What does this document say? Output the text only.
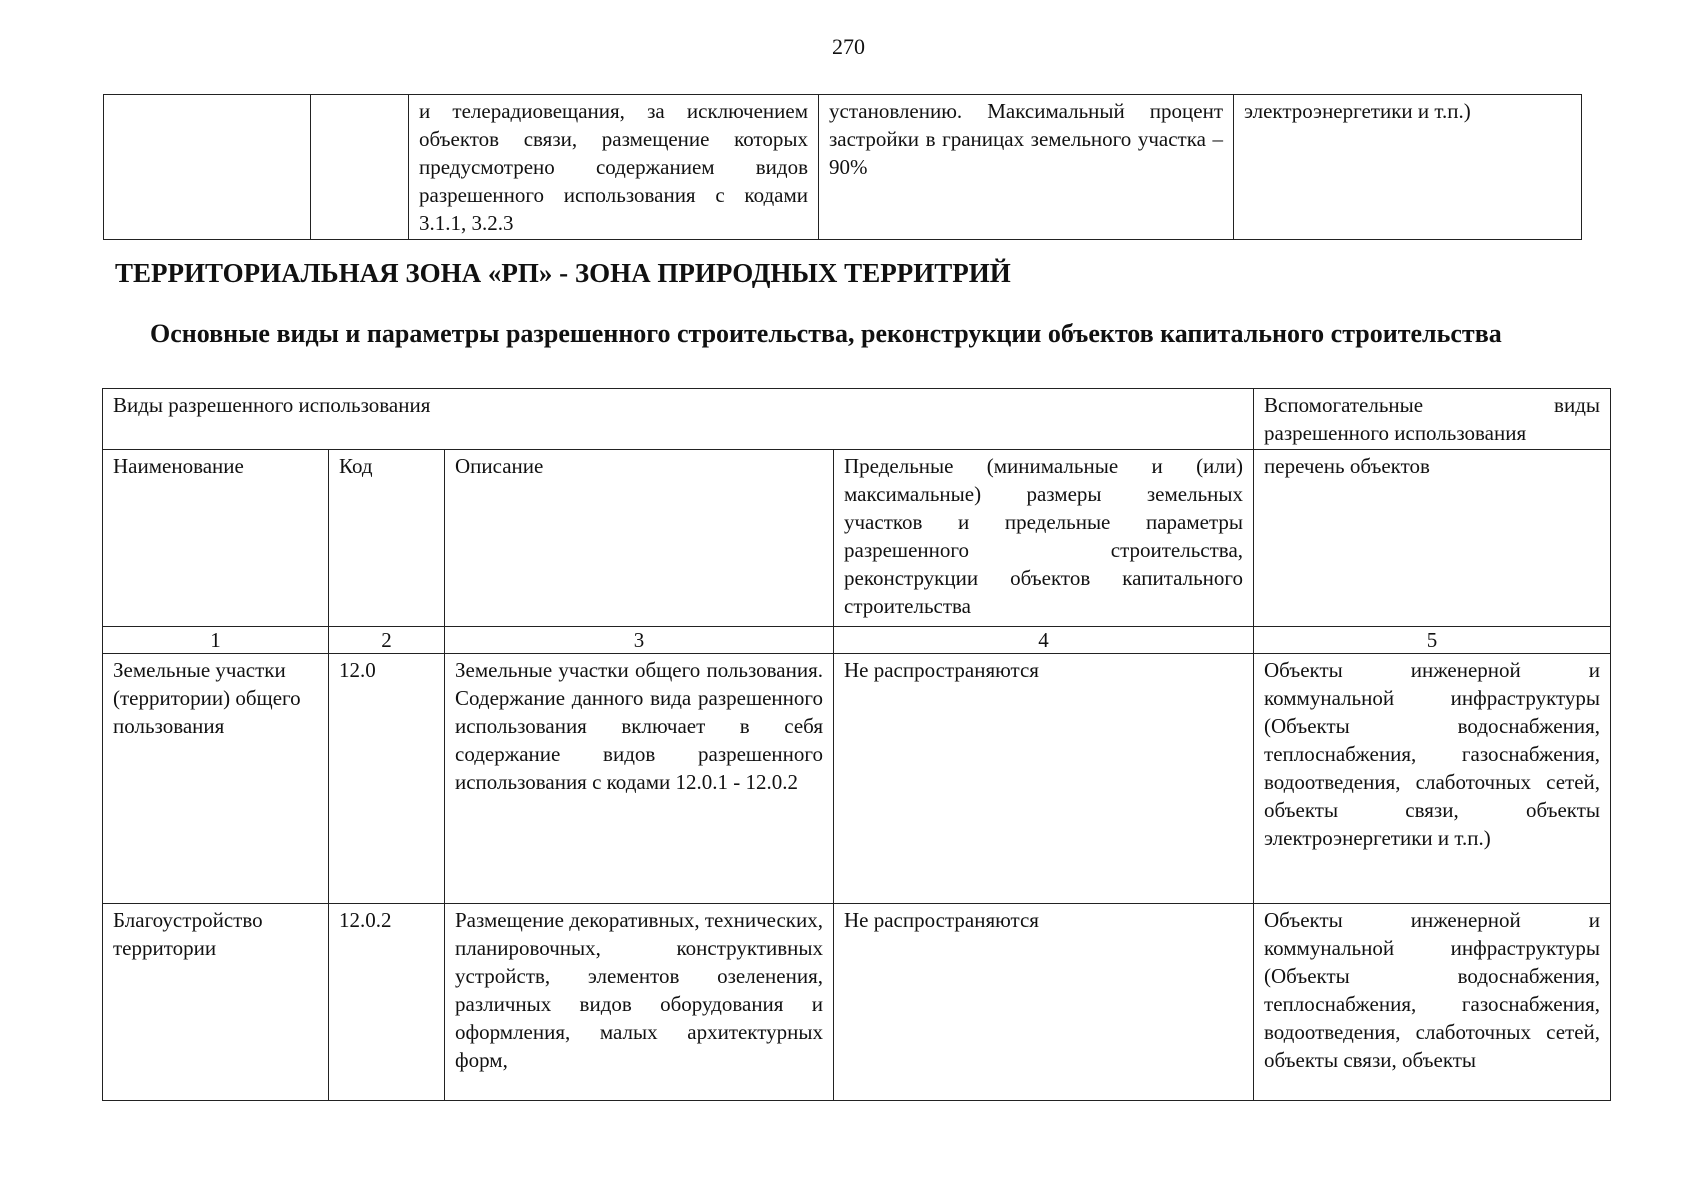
270
		и телерадиовещания, за исключением объектов связи, размещение которых предусмотрено содержанием видов разрешенного использования с кодами 3.1.1, 3.2.3	установлению. Максимальный процент застройки в границах земельного участка – 90%	электроэнергетики и т.п.)
ТЕРРИТОРИАЛЬНАЯ ЗОНА «РП» - ЗОНА ПРИРОДНЫХ ТЕРРИТРИЙ
Основные виды и параметры разрешенного строительства, реконструкции объектов капитального строительства
Виды разрешенного использования				Вспомогательные виды разрешенного использования
Наименование	Код	Описание	Предельные (минимальные и (или) максимальные) размеры земельных участков и предельные параметры разрешенного строительства, реконструкции объектов капитального строительства	перечень объектов
1	2	3	4	5
Земельные участки (территории) общего пользования	12.0	Земельные участки общего пользования. Содержание данного вида разрешенного использования включает в себя содержание видов разрешенного использования с кодами 12.0.1 - 12.0.2	Не распространяются	Объекты инженерной и коммунальной инфраструктуры (Объекты водоснабжения, теплоснабжения, газоснабжения, водоотведения, слаботочных сетей, объекты связи, объекты электроэнергетики и т.п.)
Благоустройство территории	12.0.2	Размещение декоративных, технических, планировочных, конструктивных устройств, элементов озеленения, различных видов оборудования и оформления, малых архитектурных форм,	Не распространяются	Объекты инженерной и коммунальной инфраструктуры (Объекты водоснабжения, теплоснабжения, газоснабжения, водоотведения, слаботочных сетей, объекты связи, объекты
